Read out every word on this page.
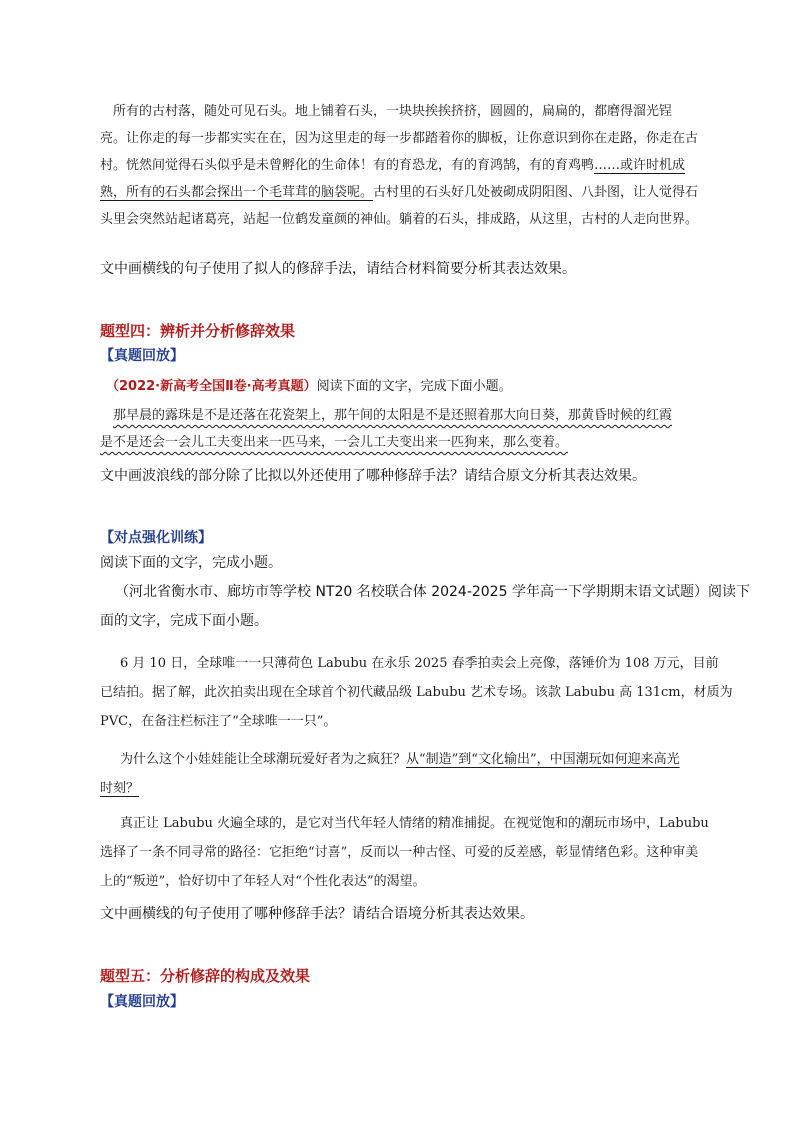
所有的古村落，随处可见石头。地上铺着石头，一块块挨挨挤挤，圆圆的，扁扁的，都磨得溜光锃
亮。让你走的每一步都实实在在，因为这里走的每一步都踏着你的脚板，让你意识到你在走路，你走在古
村。恍然间觉得石头似乎是未曾孵化的生命体！有的育恐龙，有的育鸿鹄，有的育鸡鸭……或许时机成
熟，所有的石头都会探出一个毛茸茸的脑袋呢。古村里的石头好几处被砌成阴阳图、八卦图，让人觉得石
头里会突然站起诸葛亮，站起一位鹤发童颜的神仙。躺着的石头，排成路，从这里，古村的人走向世界。
文中画横线的句子使用了拟人的修辞手法，请结合材料简要分析其表达效果。
题型四：辨析并分析修辞效果
【真题回放】
（2022·新高考全国Ⅱ卷·高考真题）阅读下面的文字，完成下面小题。
那早晨的露珠是不是还落在花瓷架上，那午间的太阳是不是还照着那大向日葵，那黄昏时候的红霞
是不是还会一会儿工夫变出来一匹马来，一会儿工夫变出来一匹狗来，那么变着。
文中画波浪线的部分除了比拟以外还使用了哪种修辞手法？请结合原文分析其表达效果。
【对点强化训练】
阅读下面的文字，完成小题。
（河北省衡水市、廊坊市等学校 NT20 名校联合体 2024-2025 学年高一下学期期末语文试题）阅读下
面的文字，完成下面小题。
6 月 10 日，全球唯一一只薄荷色 Labubu 在永乐 2025 春季拍卖会上亮像，落锤价为 108 万元，目前
已结拍。据了解，此次拍卖出现在全球首个初代藏品级 Labubu 艺术专场。该款 Labubu 高 131cm，材质为
PVC，在备注栏标注了“全球唯一一只”。
为什么这个小娃娃能让全球潮玩爱好者为之疯狂？从“制造”到“文化输出”，中国潮玩如何迎来高光
时刻？
真正让 Labubu 火遍全球的，是它对当代年轻人情绪的精准捕捉。在视觉饱和的潮玩市场中，Labubu
选择了一条不同寻常的路径：它拒绝“讨喜”，反而以一种古怪、可爱的反差感，彰显情绪色彩。这种审美
上的“叛逆”，恰好切中了年轻人对“个性化表达”的渴望。
文中画横线的句子使用了哪种修辞手法？请结合语境分析其表达效果。
题型五：分析修辞的构成及效果
【真题回放】
